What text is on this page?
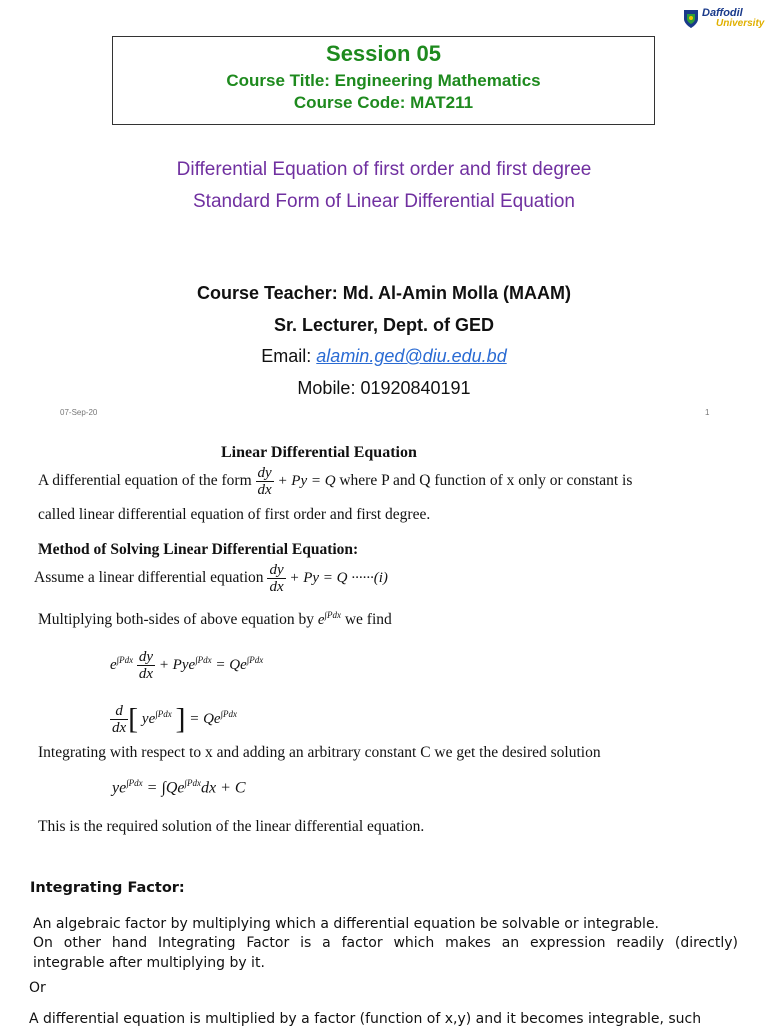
Daffodil
University
Session 05
Course Title: Engineering Mathematics
Course Code: MAT211
Differential Equation of first order and first degree
Standard Form of Linear Differential Equation
Course Teacher: Md. Al-Amin Molla (MAAM)
Sr. Lecturer, Dept. of GED
Email: alamin.ged@diu.edu.bd
Mobile: 01920840191
07-Sep-20	1
Linear Differential Equation
A differential equation of the form $\frac{dy}{dx} + Py = Q$ where P and Q function of x only or constant is
called linear differential equation of first order and first degree.
Method of Solving Linear Differential Equation:
Assume a linear differential equation $\frac{dy}{dx} + Py = Q \cdot\cdot\cdot\cdot\cdot\cdot(i)$
Multiplying both-sides of above equation by $e^{\int Pdx}$ we find
$e^{\int Pdx} \frac{dy}{dx} + Pye^{\int Pdx} = Qe^{\int Pdx}$
$\frac{d}{dx}$ [ $ye^{\int Pdx}$ ] = $Qe^{\int Pdx}$
Integrating with respect to x and adding an arbitrary constant C we get the desired solution
$ye^{\int Pdx} = \int Qe^{\int Pdx}dx + C$
This is the required solution of the linear differential equation.
Integrating Factor:
An algebraic factor by multiplying which a differential equation be solvable or integrable.
On other hand Integrating Factor is a factor which makes an expression readily (directly)
integrable after multiplying by it.
Or
A differential equation is multiplied by a factor (function of x,y) and it becomes integrable, such
